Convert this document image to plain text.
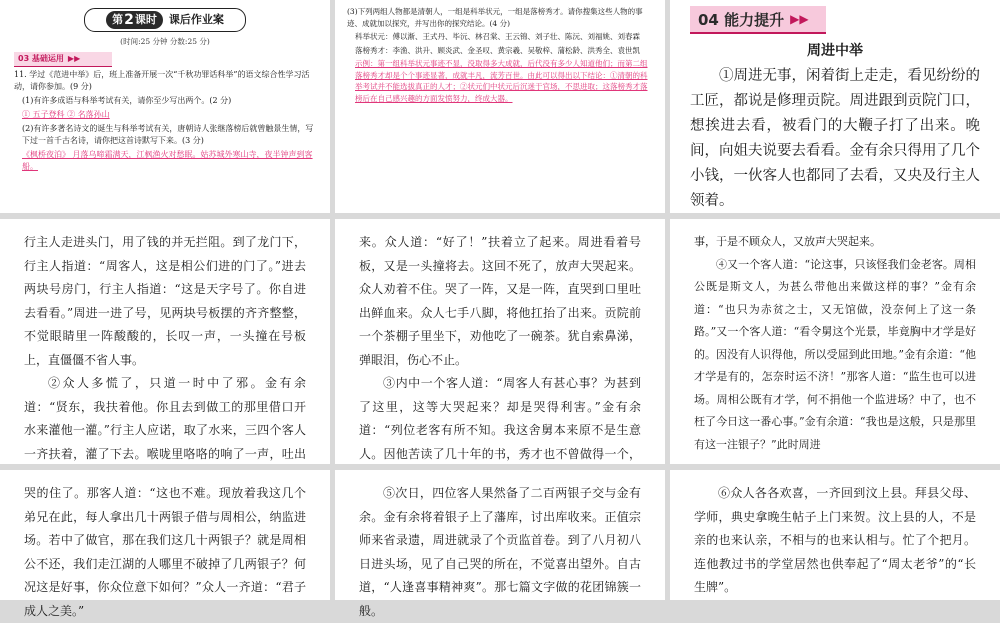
第 2 课时 课后作业案
(时间:25 分钟 分数:25 分)
03 基础运用 ▶▶
11. 学过《范进中举》后，班上准备开展一次“千秋功罪话科举”的语文综合性学习活动，请你参加。(9 分)
(1)有许多成语与科举考试有关，请你至少写出两个。(2 分)
① 五子登科 ② 名落孙山
(2)有许多著名诗文的诞生与科举考试有关，唐朝诗人张继落榜后就曾触景生情，写下过一首千古名诗，请你把这首诗默写下来。(3 分)
《枫桥夜泊》 月落乌啼霜满天，江枫渔火对愁眠。姑苏城外寒山寺，夜半钟声到客船。
(3)下列两组人物都是清朝人，一组是科举状元，一组是落榜秀才。请你搜集这些人物的事迹、成就加以探究，并写出你的探究结论。(4 分)
科举状元：傅以渐、王式丹、毕沅、林召棠、王云锦、刘子壮、陈沅、刘福姚、刘春霖
落榜秀才：李渔、洪升、顾炎武、金圣叹、黄宗羲、吴敬梓、蒲松龄、洪秀全、袁世凯
示例：第一组科举状元事迹不显，没取得多大成就，后代没有多少人知道他们；而第二组落榜秀才却是个个事迹显著，成就丰凡，流芳百世。由此可以得出以下结论：①清朝的科举考试并不能选拔真正的人才；②状元们中状元后沉迷于官场，不思进取；这落榜秀才落榜后在自己感兴趣的方面发愤努力，终成大器。
04 能力提升 ▶▶
周进中举

①周进无事，闲着街上走走，看见纷纷的工匠，都说是修理贡院。周进跟到贡院门口，想挨进去看，被看门的大鞭子打了出来。晚间，向姐夫说要去看看。金有余只得用了几个小钱，一伙客人也都同了去看，又央及行主人领着。

行主人走进头门，用了钱的并无拦阻。到了龙门下，行主人指道：“周客人，这是相公们进的门了。”进去两块号房门，行主人指道：“这是天字号了。你自进去看看。”周进一进了号，见两块号板摆的齐齐整整，不觉眼睛里一阵酸酸的，长叹一声，一头撞在号板上，直僵僵不省人事。

②众人多慌了，只道一时中了邪。金有余道：“贤东，我扶着他。你且去到做工的那里借口开水来灌他一灌。”行主人应诺，取了水来，三四个客人一齐扶着，灌了下去。喉咙里咯咯的响了一声，吐出

来。众人道：“好了！”扶着立了起来。周进看着号板，又是一头撞将去。这回不死了，放声大哭起来。众人劝着不住。哭了一阵，又是一阵，直哭到口里吐出鲜血来。众人七手八脚，将他扛抬了出来。贡院前一个茶棚子里坐下，劝他吃了一碗茶。犹自索鼻涕，弹眼泪，伤心不止。

③内中一个客人道：“周客人有甚心事？为甚到了这里，这等大哭起来？却是哭得利害。”金有余道：“列位老客有所不知。我这舍舅本来原不是生意人。因他苦读了几十年的书，秀才也不曾做得一个，

事，于是不顾众人，又放声大哭起来。

④又一个客人道：“论这事，只该怪我们金老客。周相公既是斯文人，为甚么带他出来做这样的事？”金有余道：“也只为赤贫之士，又无馆做，没奈何上了这一条路。”又一个客人道：“看令舅这个光景，毕竟胸中才学是好的。因没有人识得他，所以受屈到此田地。”金有余道：“他才学是有的，怎奈时运不济！”那客人道：“监生也可以进场。周相公既有才学，何不捐他一个监进场？中了，也不枉了今日这一番心事。”金有余道：“我也是这般，只是那里有这一注银子？”此时周进

哭的住了。那客人道：“这也不难。现放着我这几个弟兄在此，每人拿出几十两银子借与周相公，纳监进场。若中了做官，那在我们这几十两银子？就是周相公不还，我们走江湖的人哪里不破掉了几两银子？何况这是好事，你众位意下如何？”众人一齐道：“君子成人之美。”

⑤次日，四位客人果然备了二百两银子交与金有余。金有余将着银子上了藩库，讨出库收来。正值宗师来省录遗，周进就录了个贡监首卷。到了八月初八日进头场，见了自己哭的所在，不觉喜出望外。自古道，“人逢喜事精神爽”。那七篇文字做的花团锦簇一般。

⑥众人各各欢喜，一齐回到汶上县。拜县父母、学师，典史拿晚生帖子上门来贺。汶上县的人，不是亲的也来认亲，不相与的也来认相与。忙了个把月。连他教过书的学堂居然也供奉起了“周太老爷”的“长生牌”。
